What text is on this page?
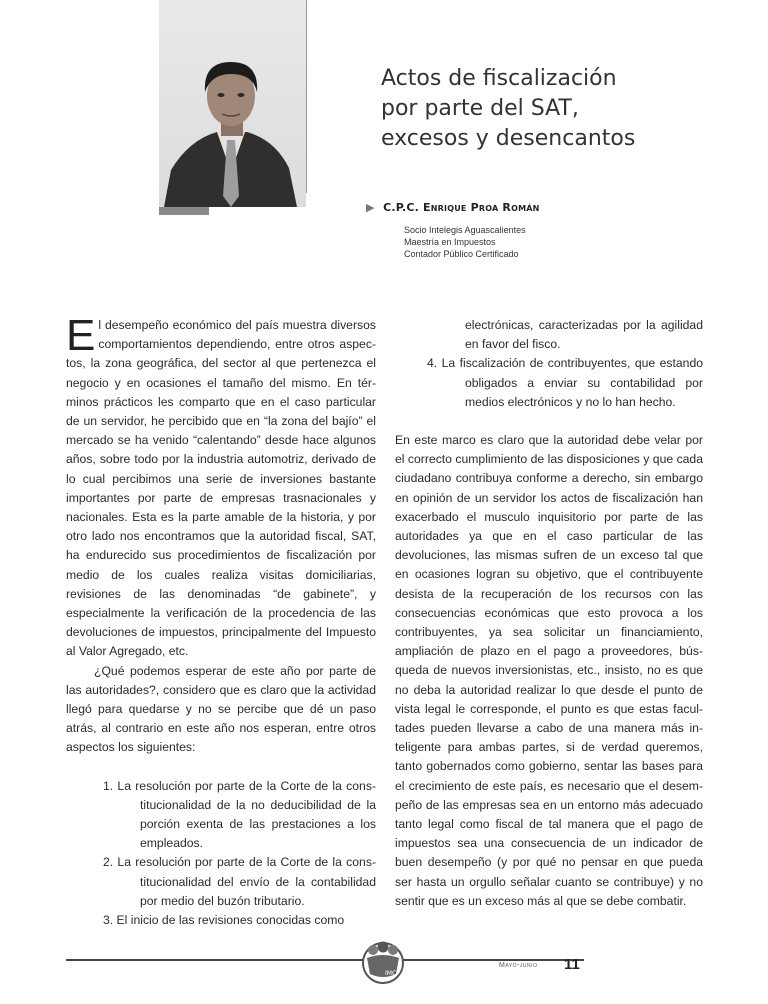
Actos de fiscalización
por parte del SAT,
excesos y desencantos
▶ C.P.C. Enrique Proa Román
Socio Intelegis Aguascalientes
Maestría en Impuestos
Contador Público Certificado

El desempeño económico del país muestra diversos comportamientos dependiendo, entre otros aspectos, la zona geográfica, del sector al que pertenezca el negocio y en ocasiones el tamaño del mismo. En términos prácticos les comparto que en el caso particular de un servidor, he percibido que en “la zona del bajío” el mercado se ha venido “calentando” desde hace algunos años, sobre todo por la industria automotriz, derivado de lo cual percibimos una serie de inversiones bastante importantes por parte de empresas trasnacionales y nacionales. Esta es la parte amable de la historia, y por otro lado nos encontramos que la autoridad fiscal, SAT, ha endurecido sus procedimientos de fiscalización por medio de los cuales realiza visitas domiciliarias, revisiones de las denominadas “de gabinete”, y especialmente la verificación de la procedencia de las devoluciones de impuestos, principalmente del Impuesto al Valor Agregado, etc.

¿Qué podemos esperar de este año por parte de las autoridades?, considero que es claro que la actividad llegó para quedarse y no se percibe que dé un paso atrás, al contrario en este año nos esperan, entre otros aspectos los siguientes:

1. La resolución por parte de la Corte de la constitucionalidad de la no deducibilidad de la porción exenta de las prestaciones a los empleados.
2. La resolución por parte de la Corte de la constitucionalidad del envío de la contabilidad por medio del buzón tributario.
3. El inicio de las revisiones conocidas como
electrónicas, caracterizadas por la agilidad en favor del fisco.
4. La fiscalización de contribuyentes, que estando obligados a enviar su contabilidad por medios electrónicos y no lo han hecho.

En este marco es claro que la autoridad debe velar por el correcto cumplimiento de las disposiciones y que cada ciudadano contribuya conforme a derecho, sin embargo en opinión de un servidor los actos de fiscalización han exacerbado el musculo inquisitorio por parte de las autoridades ya que en el caso particular de las devoluciones, las mismas sufren de un exceso tal que en ocasiones logran su objetivo, que el contribuyente desista de la recuperación de los recursos con las consecuencias económicas que esto provoca a los contribuyentes, ya sea solicitar un financiamiento, ampliación de plazo en el pago a proveedores, búsqueda de nuevos inversionistas, etc., insisto, no es que no deba la autoridad realizar lo que desde el punto de vista legal le corresponde, el punto es que estas facultades pueden llevarse a cabo de una manera más inteligente para ambas partes, si de verdad queremos, tanto gobernados como gobierno, sentar las bases para el crecimiento de este país, es necesario que el desempeño de las empresas sea en un entorno más adecuado tanto legal como fiscal de tal manera que el pago de impuestos sea una consecuencia de un indicador de buen desempeño (y por qué no pensar en que pueda ser hasta un orgullo señalar cuanto se contribuye) y no sentir que es un exceso más al que se debe combatir.

IMCP
Mayo-junio 11
